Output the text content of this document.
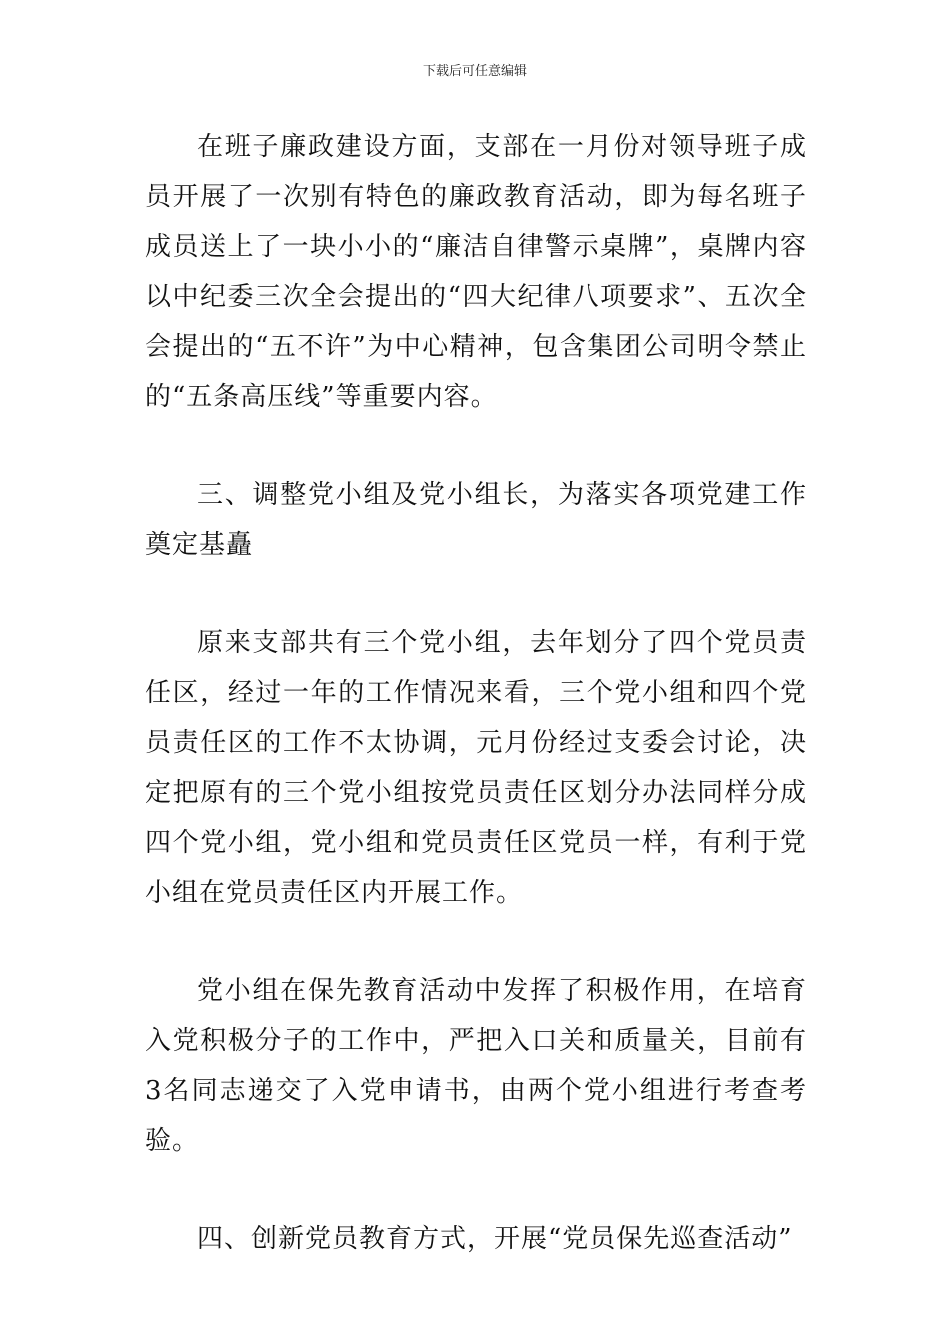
下载后可任意编辑

在班子廉政建设方面，支部在一月份对领导班子成员开展了一次别有特色的廉政教育活动，即为每名班子成员送上了一块小小的“廉洁自律警示桌牌”，桌牌内容以中纪委三次全会提出的“四大纪律八项要求”、五次全会提出的“五不许”为中心精神，包含集团公司明令禁止的“五条高压线”等重要内容。

三、调整党小组及党小组长，为落实各项党建工作奠定基矗

原来支部共有三个党小组，去年划分了四个党员责任区，经过一年的工作情况来看，三个党小组和四个党员责任区的工作不太协调，元月份经过支委会讨论，决定把原有的三个党小组按党员责任区划分办法同样分成四个党小组，党小组和党员责任区党员一样，有利于党小组在党员责任区内开展工作。

党小组在保先教育活动中发挥了积极作用，在培育入党积极分子的工作中，严把入口关和质量关，目前有3名同志递交了入党申请书，由两个党小组进行考查考验。

四、创新党员教育方式，开展“党员保先巡查活动”
